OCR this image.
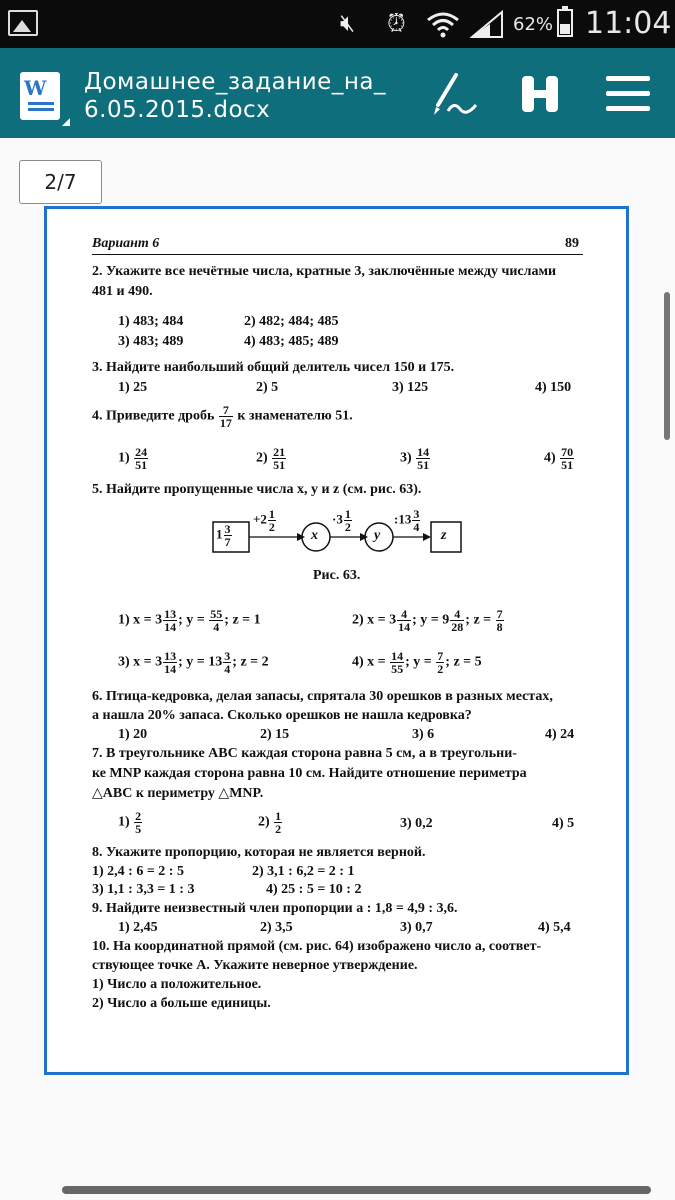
🔇︎ ⏰︎	62% 11:04
W Домашнее_задание_на_
6.05.2015.docx
2/7
Вариант 6	89
2. Укажите все нечётные числа, кратные 3, заключённые между числами
481 и 490.
1) 483; 484	2) 482; 484; 485
3) 483; 489	4) 483; 485; 489
3. Найдите наибольший общий делитель чисел 150 и 175.
1) 25	2) 5	3) 125	4) 150
4. Приведите дробь $\frac{7}{17}$ к знаменателю 51.
$1) \frac{24}{51}$	$2) \frac{21}{51}$	$3) \frac{14}{51}$	$4) \frac{70}{51}$
5. Найдите пропущенные числа x, y и z (см. рис. 63).
$1 \frac{3}{7}$
$+2 \frac{1}{2}$	$\cdot 3 \frac{1}{2}$	:13 $\frac{3}{4}$
x	y	z
Рис. 63.
1) $x = 3 \frac{13}{14}$ ; $y = \frac{55}{4}$ ; z = 1	2) $x = 3 \frac{4}{14}$ ; $y = 9 \frac{4}{28}$ ; $z = \frac{7}{8}$
3) $x = 3 \frac{13}{14}$ ; $y = 13 \frac{3}{4}$ ; z = 2	4) $x = \frac{14}{55}$ ; $y = \frac{7}{2}$ ; z = 5
6. Птица-кедровка, делая запасы, спрятала 30 орешков в разных местах,
а нашла 20% запаса. Сколько орешков не нашла кедровка?
1) 20	2) 15	3) 6	4) 24
7. В треугольнике ABC каждая сторона равна 5 см, а в треугольни-
ке MNP каждая сторона равна 10 см. Найдите отношение периметра
△ABC к периметру △MNP.
$1) \frac{2}{5}$	$2) \frac{1}{2}$	3) 0,2	4) 5
8. Укажите пропорцию, которая не является верной.
1) 2,4 : 6 = 2 : 5	2) 3,1 : 6,2 = 2 : 1
3) 1,1 : 3,3 = 1 : 3	4) 25 : 5 = 10 : 2
9. Найдите неизвестный член пропорции a : 1,8 = 4,9 : 3,6.
1) 2,45	2) 3,5	3) 0,7	4) 5,4
10. На координатной прямой (см. рис. 64) изображено число a, соответ-
ствующее точке A. Укажите неверное утверждение.
1) Число a положительное.
2) Число a больше единицы.
